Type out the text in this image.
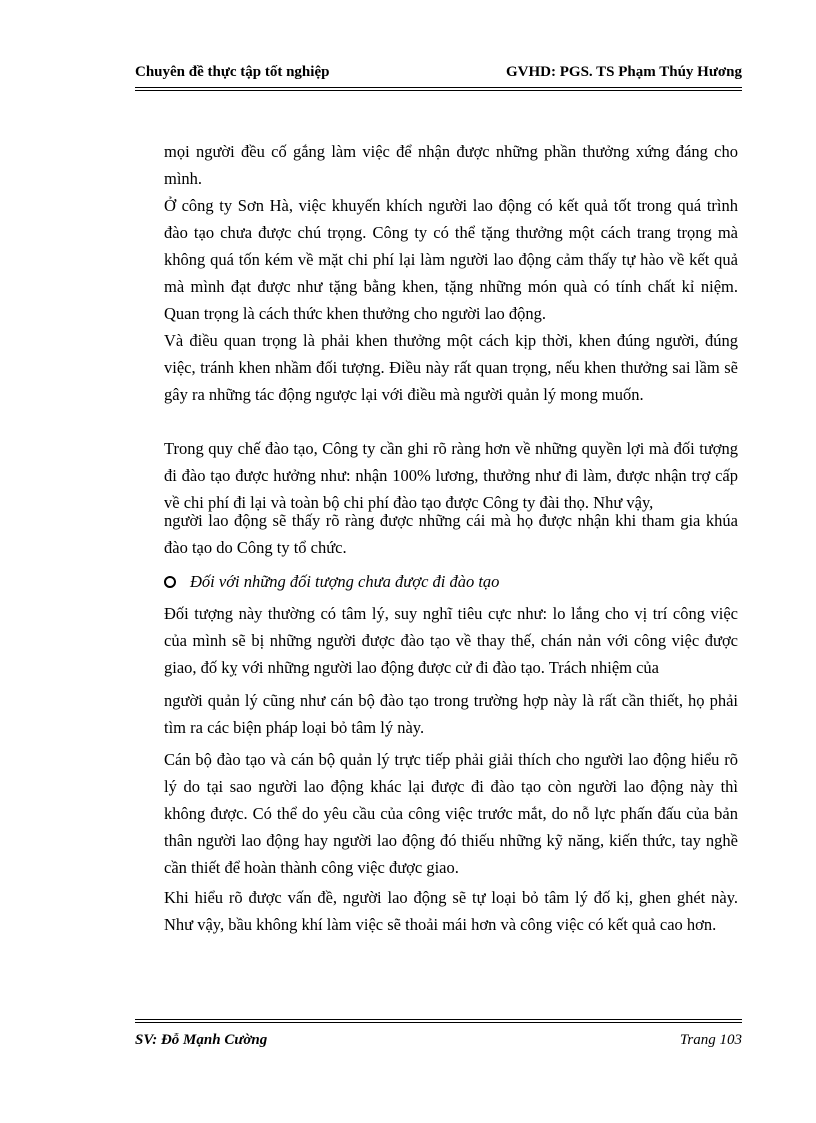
Chuyên đề thực tập tốt nghiệp	GVHD: PGS. TS Phạm Thúy Hương
mọi người đều cố gắng làm việc để nhận được những phần thưởng xứng đáng cho mình.
Ở công ty Sơn Hà, việc khuyến khích người lao động có kết quả tốt trong quá trình đào tạo chưa được chú trọng. Công ty có thể tặng thưởng một cách trang trọng mà không quá tốn kém về mặt chi phí lại làm người lao động cảm thấy tự hào về kết quả mà mình đạt được như tặng bằng khen, tặng những món quà có tính chất kỉ niệm. Quan trọng là cách thức khen thưởng cho người lao động.
Và điều quan trọng là phải khen thưởng một cách kịp thời, khen đúng người, đúng việc, tránh khen nhầm đối tượng. Điều này rất quan trọng, nếu khen thưởng sai lầm sẽ gây ra những tác động ngược lại với điều mà người quản lý mong muốn.
Trong quy chế đào tạo, Công ty cần ghi rõ ràng hơn về những quyền lợi mà đối tượng đi đào tạo được hưởng như: nhận 100% lương, thưởng như đi làm, được nhận trợ cấp về chi phí đi lại và toàn bộ chi phí đào tạo được Công ty đài thọ. Như vậy,
người lao động sẽ thấy rõ ràng được những cái mà họ được nhận khi tham gia khúa đào tạo do Công ty tổ chức.
Đối với những đối tượng chưa được đi đào tạo
Đối tượng này thường có tâm lý, suy nghĩ tiêu cực như: lo lắng cho vị trí công việc của mình sẽ bị những người được đào tạo về thay thế, chán nản với công việc được giao, đố kỵ với những người lao động được cử đi đào tạo. Trách nhiệm của
người quản lý cũng như cán bộ đào tạo trong trường hợp này là rất cần thiết, họ phải tìm ra các biện pháp loại bỏ tâm lý này.
Cán bộ đào tạo và cán bộ quản lý trực tiếp phải giải thích cho người lao động hiểu rõ lý do tại sao người lao động khác lại được đi đào tạo còn người lao động này thì không được. Có thể do yêu cầu của công việc trước mắt, do nỗ lực phấn đấu của bản thân người lao động hay người lao động đó thiếu những kỹ năng, kiến thức, tay nghề cần thiết để hoàn thành công việc được giao.
Khi hiểu rõ được vấn đề, người lao động sẽ tự loại bỏ tâm lý đố kị, ghen ghét này. Như vậy, bầu không khí làm việc sẽ thoải mái hơn và công việc có kết quả cao hơn.
SV: Đỗ Mạnh Cường	Trang 103
